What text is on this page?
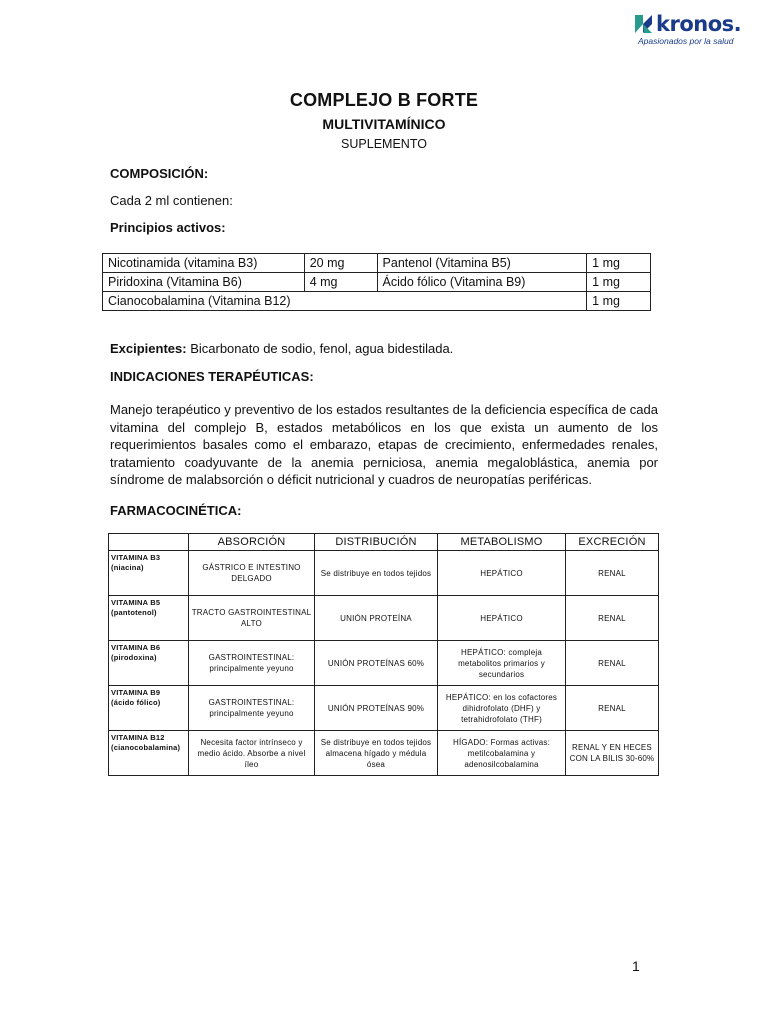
kronos.
Apasionados por la salud
COMPLEJO B FORTE
MULTIVITAMÍNICO
SUPLEMENTO
COMPOSICIÓN:
Cada 2 ml contienen:
Principios activos:
Nicotinamida (vitamina B3)	20 mg	Pantenol (Vitamina B5)	1 mg
Piridoxina (Vitamina B6)	4 mg	Ácido fólico (Vitamina B9)	1 mg
Cianocobalamina (Vitamina B12)			1 mg
Excipientes: Bicarbonato de sodio, fenol, agua bidestilada.
INDICACIONES TERAPÉUTICAS:
Manejo terapéutico y preventivo de los estados resultantes de la deficiencia específica de cada vitamina del complejo B, estados metabólicos en los que exista un aumento de los requerimientos basales como el embarazo, etapas de crecimiento, enfermedades renales, tratamiento coadyuvante de la anemia perniciosa, anemia megaloblástica, anemia por síndrome de malabsorción o déficit nutricional y cuadros de neuropatías periféricas.
FARMACOCINÉTICA:
	ABSORCIÓN	DISTRIBUCIÓN	METABOLISMO	EXCRECIÓN
VITAMINA B3
(niacina)	GÁSTRICO E INTESTINO DELGADO	Se distribuye en todos tejidos	HEPÁTICO	RENAL
VITAMINA B5
(pantotenol)	TRACTO GASTROINTESTINAL ALTO	UNIÓN PROTEÍNA	HEPÁTICO	RENAL
VITAMINA B6
(pirodoxina)	GASTROINTESTINAL: principalmente yeyuno	UNIÓN PROTEÍNAS 60%	HEPÁTICO: compleja metabolitos primarios y secundarios	RENAL
VITAMINA B9
(ácido fólico)	GASTROINTESTINAL: principalmente yeyuno	UNIÓN PROTEÍNAS 90%	HEPÁTICO: en los cofactores dihidrofolato (DHF) y tetrahidrofolato (THF)	RENAL
VITAMINA B12
(cianocobalamina)	Necesita factor intrínseco y medio ácido. Absorbe a nivel íleo	Se distribuye en todos tejidos almacena hígado y médula ósea	HÍGADO: Formas activas: metilcobalamina y adenosilcobalamina	RENAL Y EN HECES CON LA BILIS 30-60%
1
